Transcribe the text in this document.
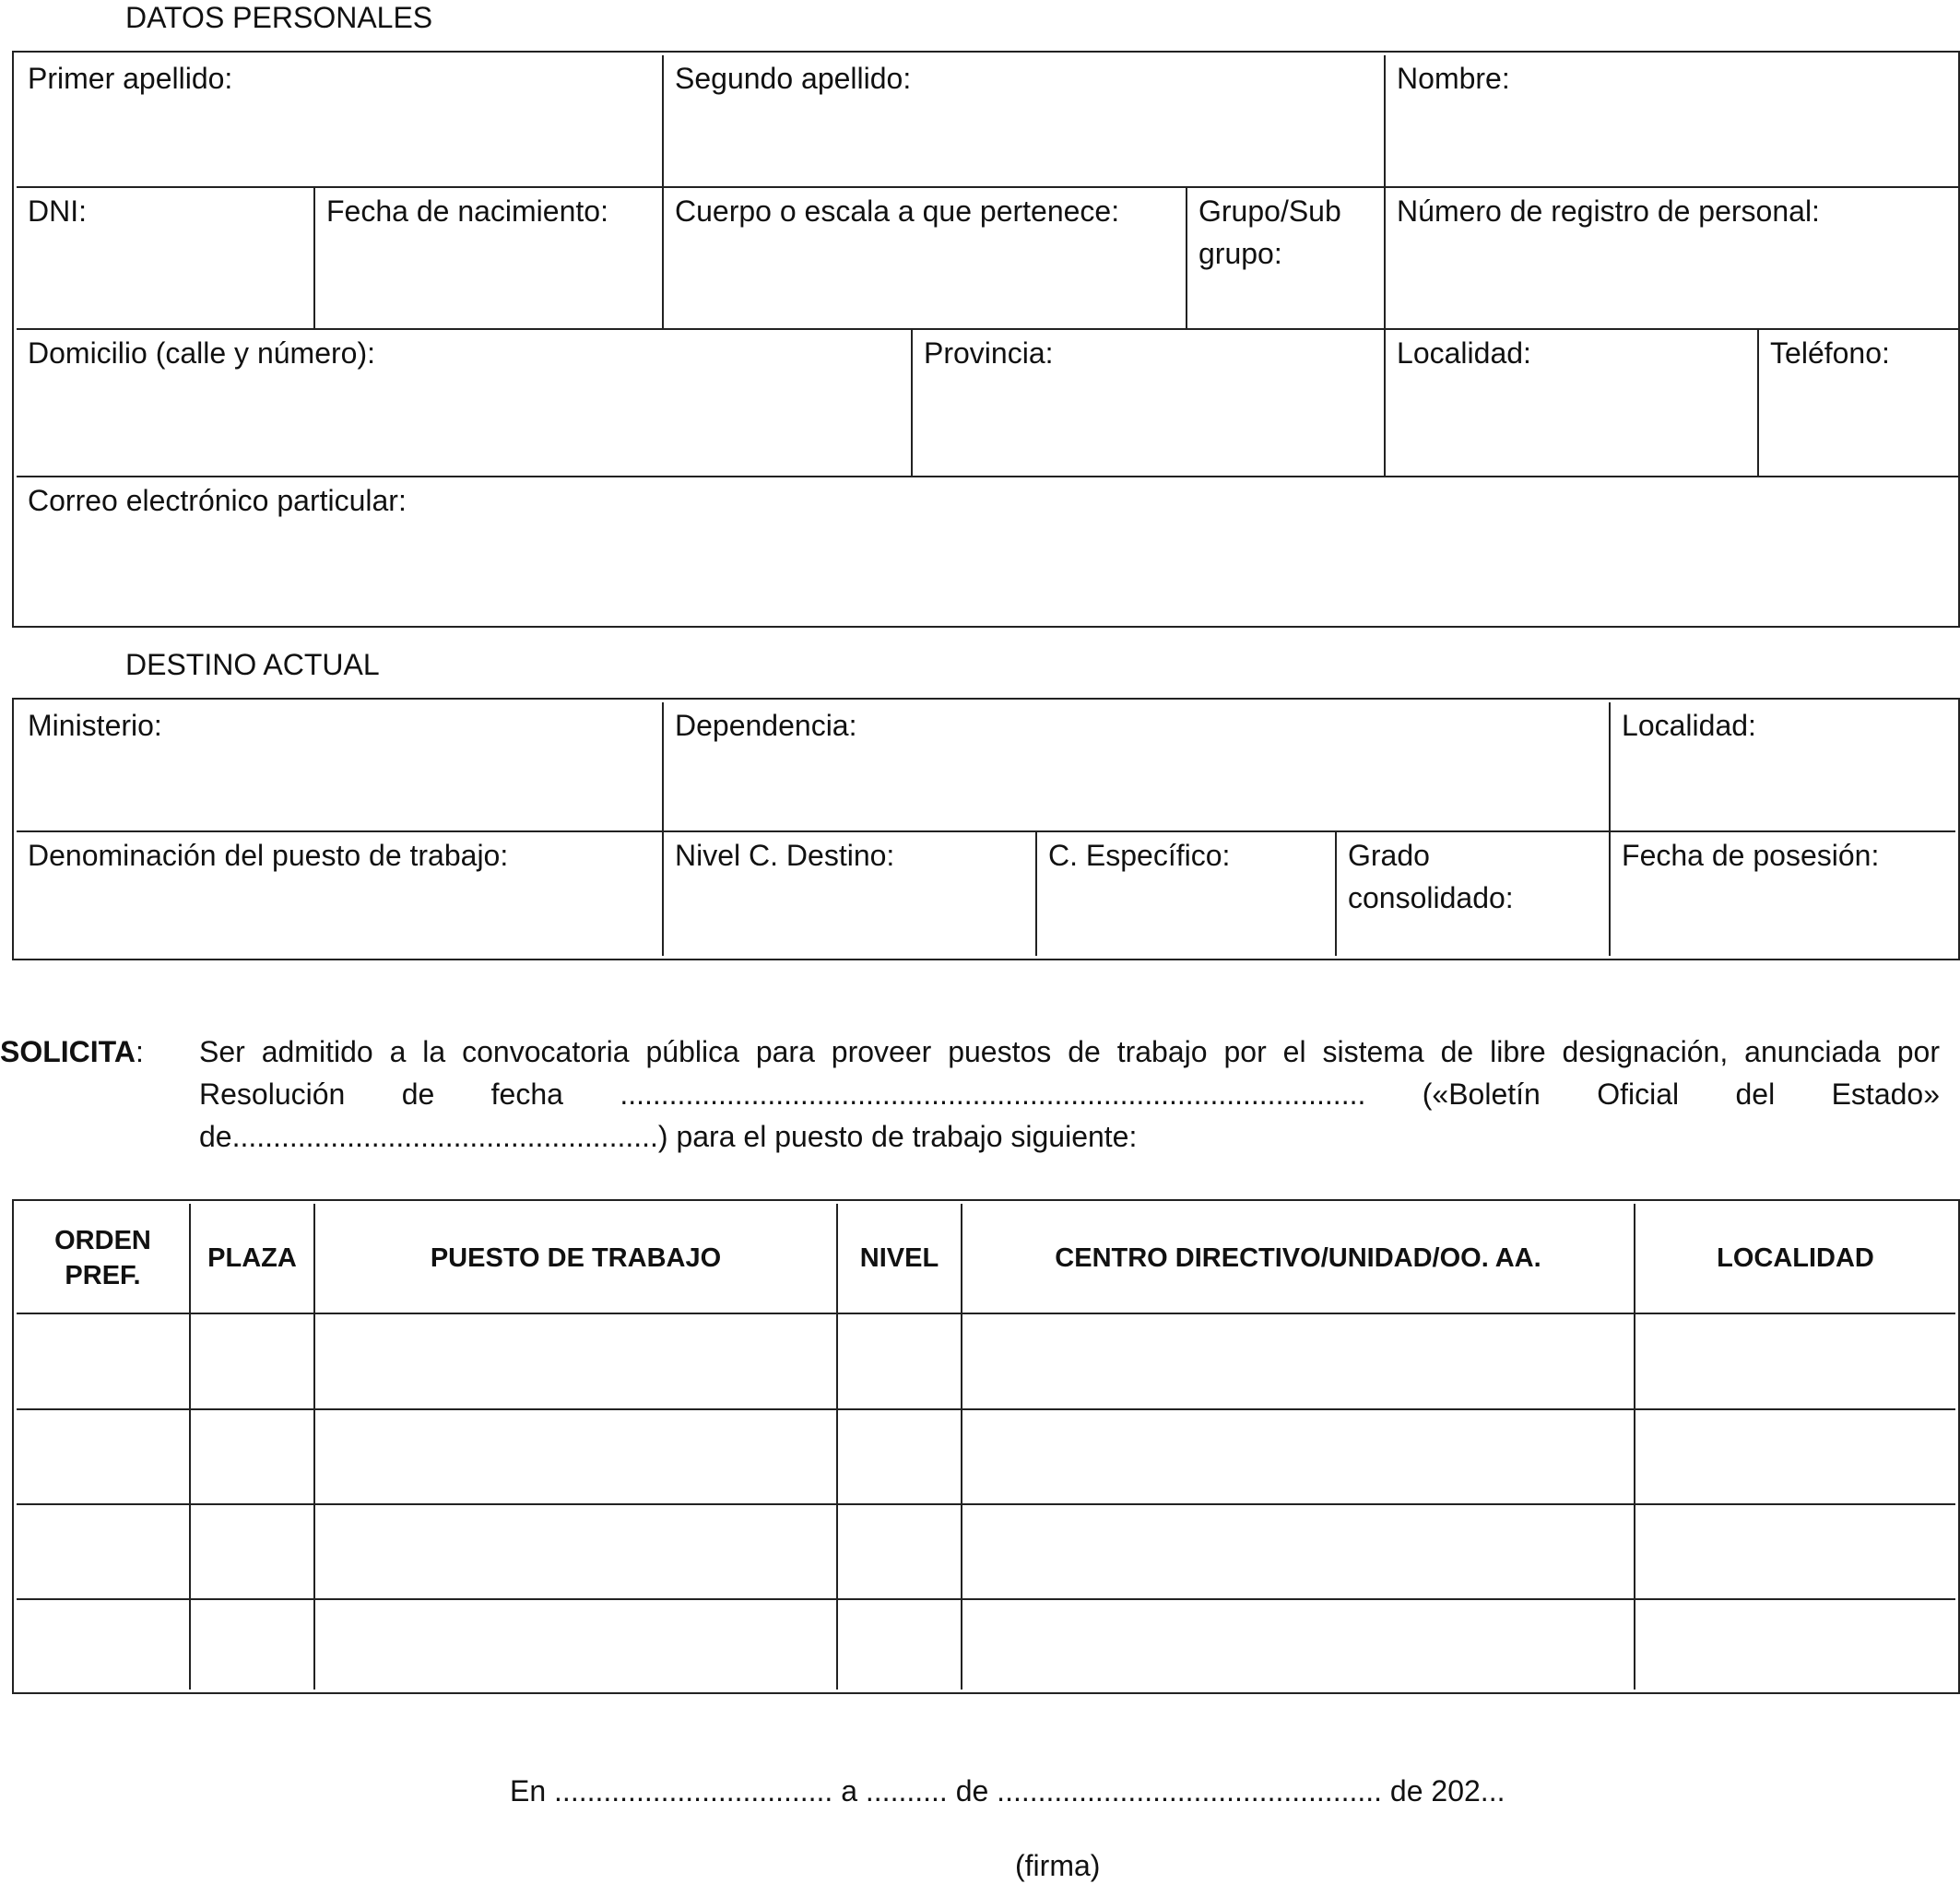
DATOS PERSONALES
Primer apellido:		Segundo apellido:			Nombre:	
DNI:	Fecha de nacimiento:	Cuerpo o escala a que pertenece:		Grupo/Sub grupo:	Número de registro de personal:	
Domicilio (calle y número):			Provincia:		Localidad:	Teléfono:
Correo electrónico particular:						
DESTINO ACTUAL
Ministerio:	Dependencia:			Localidad:
Denominación del puesto de trabajo:	Nivel C. Destino:	C. Específico:	Grado consolidado:	Fecha de posesión:
SOLICITA: Ser admitido a la convocatoria pública para proveer puestos de trabajo por el sistema de libre designación, anunciada por Resolución de fecha ........................................................................................... («Boletín Oficial del Estado» de....................................................) para el puesto de trabajo siguiente:
ORDEN PREF.	PLAZA	PUESTO DE TRABAJO	NIVEL	CENTRO DIRECTIVO/UNIDAD/OO. AA.	LOCALIDAD

En .................................. a .......... de ............................................... de 202...
(firma)
